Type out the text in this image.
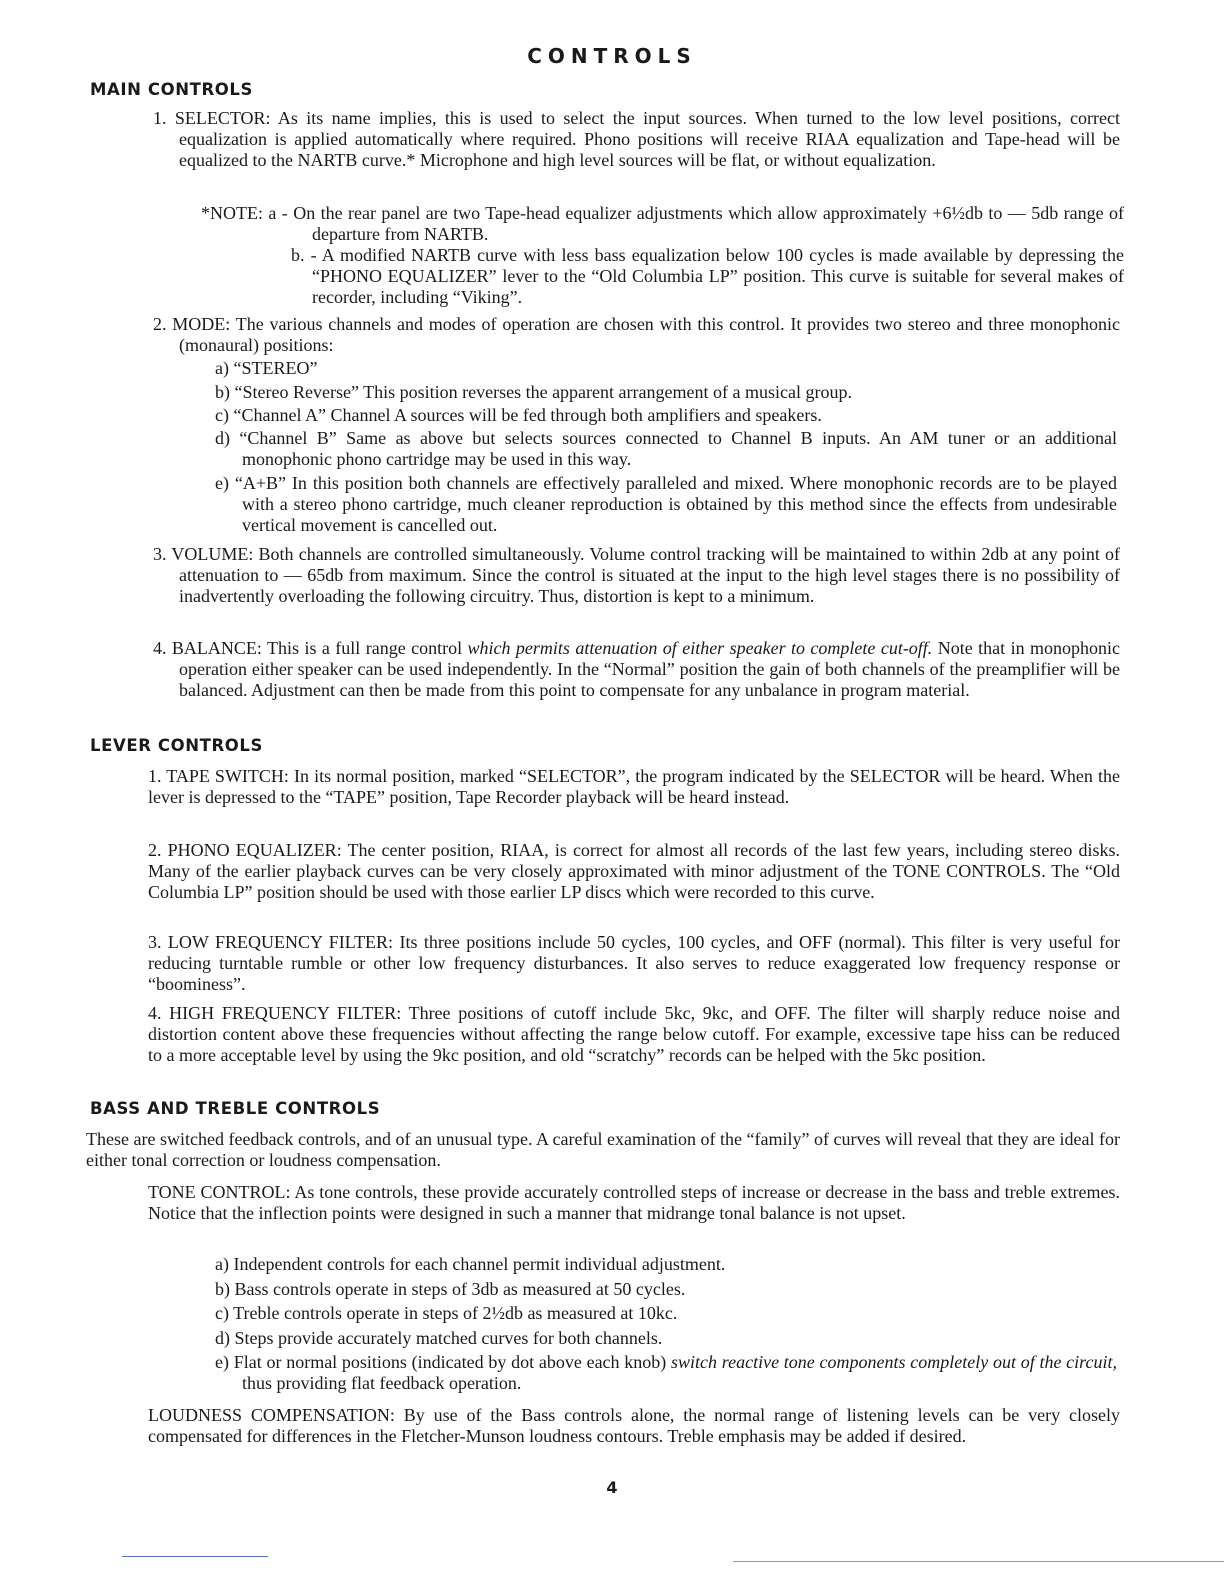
CONTROLS
MAIN CONTROLS
1. SELECTOR: As its name implies, this is used to select the input sources. When turned to the low level positions, correct equalization is applied automatically where required. Phono positions will receive RIAA equalization and Tape-head will be equalized to the NARTB curve.* Microphone and high level sources will be flat, or without equalization.
*NOTE: a - On the rear panel are two Tape-head equalizer adjustments which allow approximately +6½db to — 5db range of departure from NARTB.
b. - A modified NARTB curve with less bass equalization below 100 cycles is made available by depressing the “PHONO EQUALIZER” lever to the “Old Columbia LP” position. This curve is suitable for several makes of recorder, including “Viking”.
2. MODE: The various channels and modes of operation are chosen with this control. It provides two stereo and three monophonic (monaural) positions:
a) “STEREO”
b) “Stereo Reverse” This position reverses the apparent arrangement of a musical group.
c) “Channel A” Channel A sources will be fed through both amplifiers and speakers.
d) “Channel B” Same as above but selects sources connected to Channel B inputs. An AM tuner or an additional monophonic phono cartridge may be used in this way.
e) “A+B” In this position both channels are effectively paralleled and mixed. Where monophonic records are to be played with a stereo phono cartridge, much cleaner reproduction is obtained by this method since the effects from undesirable vertical movement is cancelled out.
3. VOLUME: Both channels are controlled simultaneously. Volume control tracking will be maintained to within 2db at any point of attenuation to — 65db from maximum. Since the control is situated at the input to the high level stages there is no possibility of inadvertently overloading the following circuitry. Thus, distortion is kept to a minimum.
4. BALANCE: This is a full range control which permits attenuation of either speaker to complete cut-off. Note that in monophonic operation either speaker can be used independently. In the “Normal” position the gain of both channels of the preamplifier will be balanced. Adjustment can then be made from this point to compensate for any unbalance in program material.
LEVER CONTROLS
1. TAPE SWITCH: In its normal position, marked “SELECTOR”, the program indicated by the SELECTOR will be heard. When the lever is depressed to the “TAPE” position, Tape Recorder playback will be heard instead.
2. PHONO EQUALIZER: The center position, RIAA, is correct for almost all records of the last few years, including stereo disks. Many of the earlier playback curves can be very closely approximated with minor adjustment of the TONE CONTROLS. The “Old Columbia LP” position should be used with those earlier LP discs which were recorded to this curve.
3. LOW FREQUENCY FILTER: Its three positions include 50 cycles, 100 cycles, and OFF (normal). This filter is very useful for reducing turntable rumble or other low frequency disturbances. It also serves to reduce exaggerated low frequency response or “boominess”.
4. HIGH FREQUENCY FILTER: Three positions of cutoff include 5kc, 9kc, and OFF. The filter will sharply reduce noise and distortion content above these frequencies without affecting the range below cutoff. For example, excessive tape hiss can be reduced to a more acceptable level by using the 9kc position, and old “scratchy” records can be helped with the 5kc position.
BASS AND TREBLE CONTROLS
These are switched feedback controls, and of an unusual type. A careful examination of the “family” of curves will reveal that they are ideal for either tonal correction or loudness compensation.
TONE CONTROL: As tone controls, these provide accurately controlled steps of increase or decrease in the bass and treble extremes. Notice that the inflection points were designed in such a manner that midrange tonal balance is not upset.
a) Independent controls for each channel permit individual adjustment.
b) Bass controls operate in steps of 3db as measured at 50 cycles.
c) Treble controls operate in steps of 2½db as measured at 10kc.
d) Steps provide accurately matched curves for both channels.
e) Flat or normal positions (indicated by dot above each knob) switch reactive tone components completely out of the circuit, thus providing flat feedback operation.
LOUDNESS COMPENSATION: By use of the Bass controls alone, the normal range of listening levels can be very closely compensated for differences in the Fletcher-Munson loudness contours. Treble emphasis may be added if desired.
4
